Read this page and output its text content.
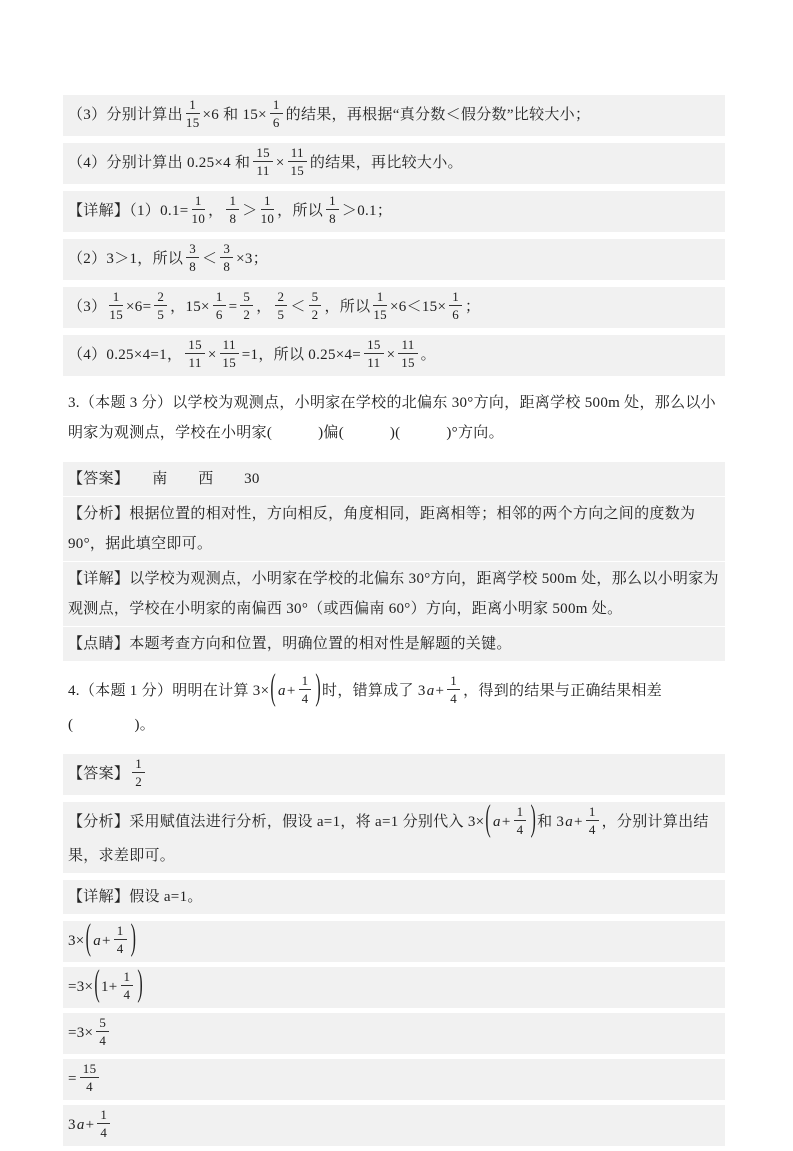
（3）分别计算出 $\frac{1}{15} \times 6$ 和 $15\times \frac{1}{6}$ 的结果，再根据“真分数＜假分数”比较大小；
（4）分别计算出 0.25×4 和 $\frac{15}{11} \times \frac{11}{15}$ 的结果，再比较大小。
【详解】$(1)0.1= \frac{1}{10}$ ， $\frac{1}{8} > \frac{1}{10}$ ，所以 $\frac{1}{8} >0.1$；
（2）3＞1，所以 $\frac{3}{8} < \frac{3}{8} \times 3$；
$(3) \frac{1}{15} \times 6= \frac{2}{5}$ ，$15\times \frac{1}{6} = \frac{5}{2}$ ， $\frac{2}{5} < \frac{5}{2}$ ，所以 $\frac{1}{15} \times 6<15\times \frac{1}{6}$ ；
（4）0.25×4=1， $\frac{15}{11} \times \frac{11}{15} =1$，所以 $0.25\times 4= \frac{15}{11} \times \frac{11}{15}$ 。
3.（本题 3 分）以学校为观测点，小明家在学校的北偏东 30°方向，距离学校 500m 处，那么以小明家为观测点，学校在小明家(　　　)偏(　　　)(　　　)°方向。
【答案】　　南　　西　　30
【分析】根据位置的相对性，方向相反，角度相同，距离相等；相邻的两个方向之间的度数为 90°，据此填空即可。
【详解】以学校为观测点，小明家在学校的北偏东 30°方向，距离学校 500m 处，那么以小明家为观测点，学校在小明家的南偏西 30°（或西偏南 60°）方向，距离小明家 500m 处。
【点睛】本题考查方向和位置，明确位置的相对性是解题的关键。
4.（本题 1 分）明明在计算 3×( $a+ \frac{1}{4}$ )时，错算成了 $3a+ \frac{1}{4}$ ，得到的结果与正确结果相差(　　　　)。
【答案】 $\frac{1}{2}$
【分析】采用赋值法进行分析，假设 a=1，将 a=1 分别代入 3×( $a+ \frac{1}{4}$ )和 $3a+ \frac{1}{4}$ ，分别计算出结果，求差即可。
【详解】假设 a=1。
3×( $a+ \frac{1}{4}$ )
$=3\times(1+ \frac{1}{4}$ )
$=3\times \frac{5}{4}$
= $\frac{15}{4}$
$3a+ \frac{1}{4}$
